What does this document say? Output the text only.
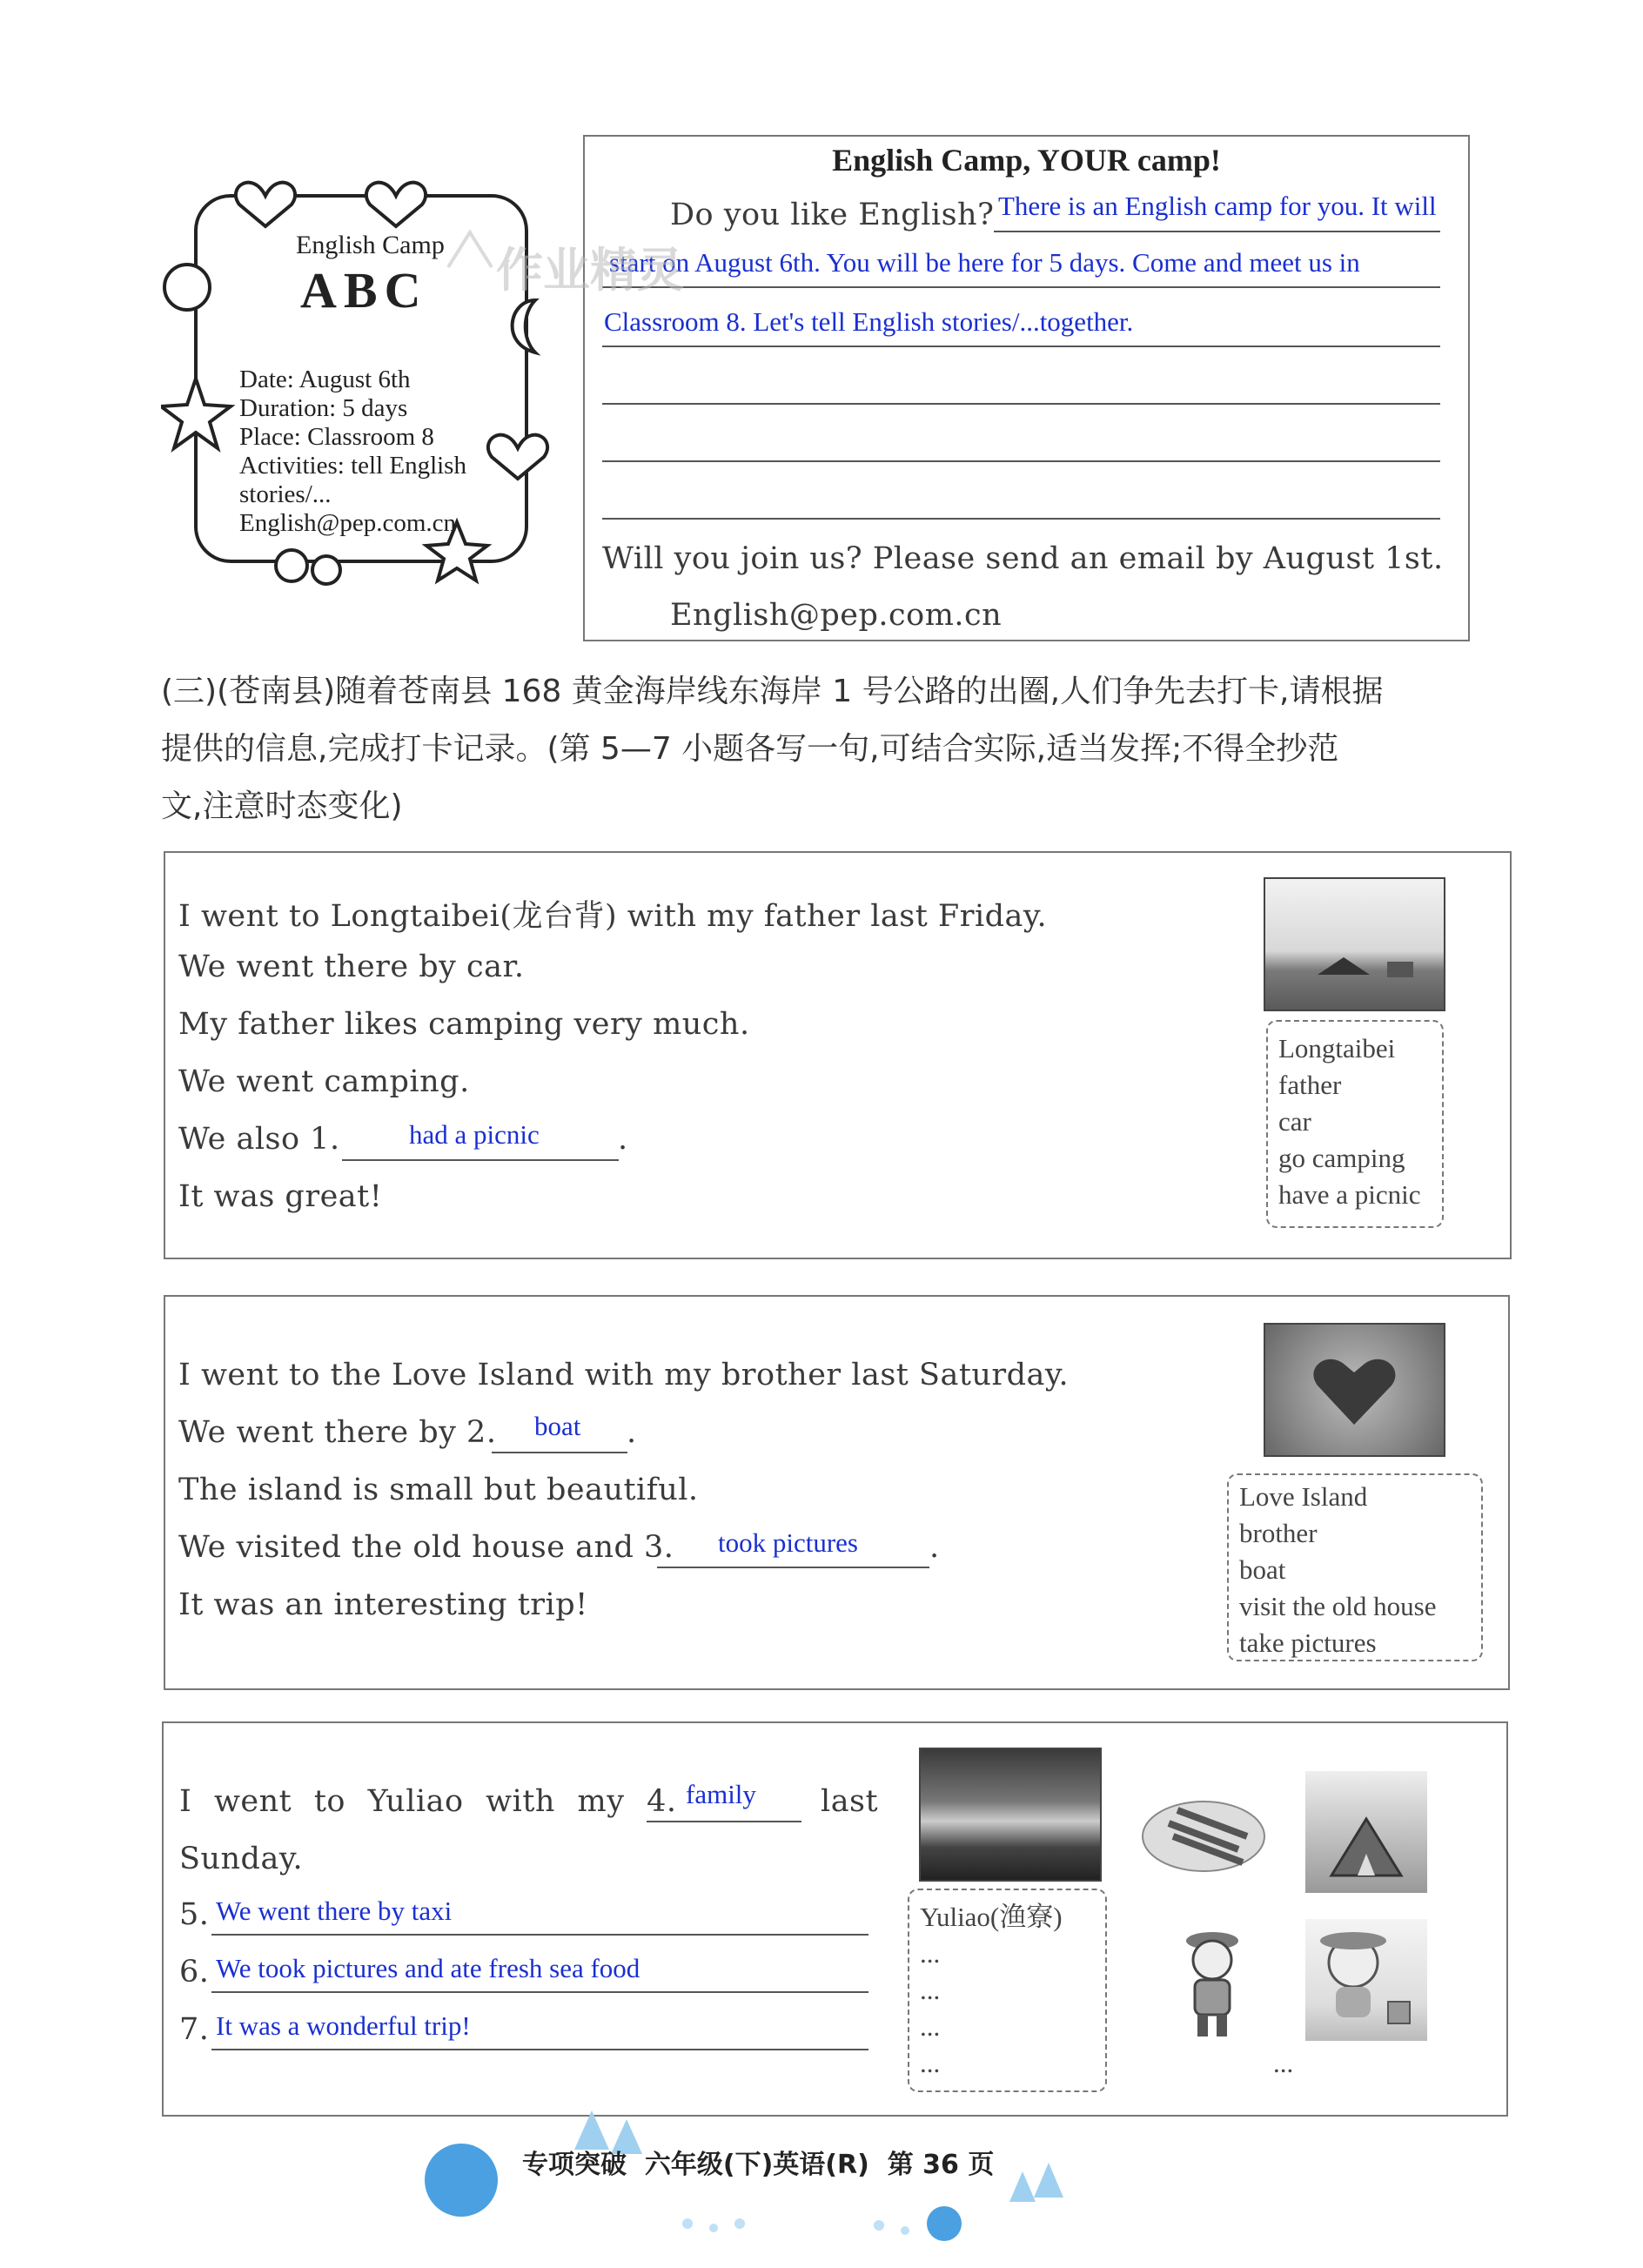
English Camp
ABC
Date: August 6th
Duration: 5 days
Place: Classroom 8
Activities: tell English
stories/...
English@pep.com.cn
English Camp, YOUR camp!
Do you like English? There is an English camp for you. It will
start on August 6th. You will be here for 5 days. Come and meet us in
Classroom 8. Let's tell English stories/...together.
Will you join us? Please send an email by August 1st.
English@pep.com.cn
(三)(苍南县)随着苍南县 168 黄金海岸线东海岸 1 号公路的出圈,人们争先去打卡,请根据
提供的信息,完成打卡记录。(第 5—7 小题各写一句,可结合实际,适当发挥;不得全抄范
文,注意时态变化)
I went to Longtaibei(龙台背) with my father last Friday.
We went there by car.
My father likes camping very much.
We went camping.
We also 1.	had a picnic	.
It was great!
Longtaibei
father
car
go camping
have a picnic
I went to the Love Island with my brother last Saturday.
We went there by 2. boat .
The island is small but beautiful.
We visited the old house and 3. took pictures .
It was an interesting trip!
Love Island
brother
boat
visit the old house
take pictures
I went to Yuliao with my 4. family last
Sunday.
5. We went there by taxi
6. We took pictures and ate fresh sea food
7. It was a wonderful trip!
Yuliao(渔寮)
...
...
...
...	...
专项突破  六年级(下)英语(R)  第 36 页
作业精灵
